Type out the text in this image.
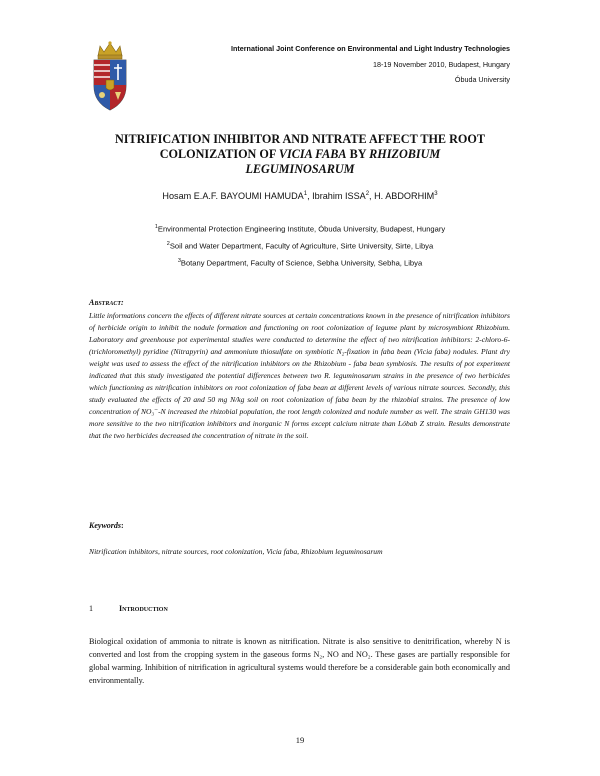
International Joint Conference on Environmental and Light Industry Technologies
18-19 November 2010, Budapest, Hungary
Óbuda University
NITRIFICATION INHIBITOR AND NITRATE AFFECT THE ROOT
COLONIZATION OF VICIA FABA BY RHIZOBIUM
LEGUMINOSARUM
Hosam E.A.F. BAYOUMI HAMUDA$^1$, Ibrahim ISSA$^2$, H. ABDORHIM$^3$
$^1$Environmental Protection Engineering Institute, Óbuda University, Budapest, Hungary
$^2$Soil and Water Department, Faculty of Agriculture, Sirte University, Sirte, Libya
$^3$Botany Department, Faculty of Science, Sebha University, Sebha, Libya
Abstract:
Little informations concern the effects of different nitrate sources at certain concentrations known in the presence of nitrification inhibitors of herbicide origin to inhibit the nodule formation and functioning on root colonization of legume plant by microsymbiont Rhizobium. Laboratory and greenhouse pot experimental studies were conducted to determine the effect of two nitrification inhibitors: 2-chloro-6-(trichloromethyl) pyridine (Nitrapyrin) and ammonium thiosulfate on symbiotic N₂-fixation in faba bean (Vicia faba) nodules. Plant dry weight was used to assess the effect of the nitrification inhibitors on the Rhizobium - faba bean symbiosis. The results of pot experiment indicated that this study investigated the potential differences between two R. leguminosarum strains in the presence of two herbicides which functioning as nitrification inhibitors on root colonization of faba bean at different levels of various nitrate sources. Secondly, this study evaluated the effects of 20 and 50 mg N/kg soil on root colonization of faba bean by the rhizobial strains. The presence of low concentration of NO₃⁻-N increased the rhizobial population, the root length colonized and nodule number as well. The strain GH130 was more sensitive to the two nitrification inhibitors and inorganic N forms except calcium nitrate than Lóbab Z strain. Results demonstrate that the two herbicides decreased the concentration of nitrate in the soil.
Keywords:
Nitrification inhibitors, nitrate sources, root colonization, Vicia faba, Rhizobium leguminosarum
1	Introduction
Biological oxidation of ammonia to nitrate is known as nitrification. Nitrate is also sensitive to denitrification, whereby N is converted and lost from the cropping system in the gaseous forms N₂, NO and NO₂. These gases are partially responsible for global warming. Inhibition of nitrification in agricultural systems would therefore be a considerable gain both economically and environmentally.
19
